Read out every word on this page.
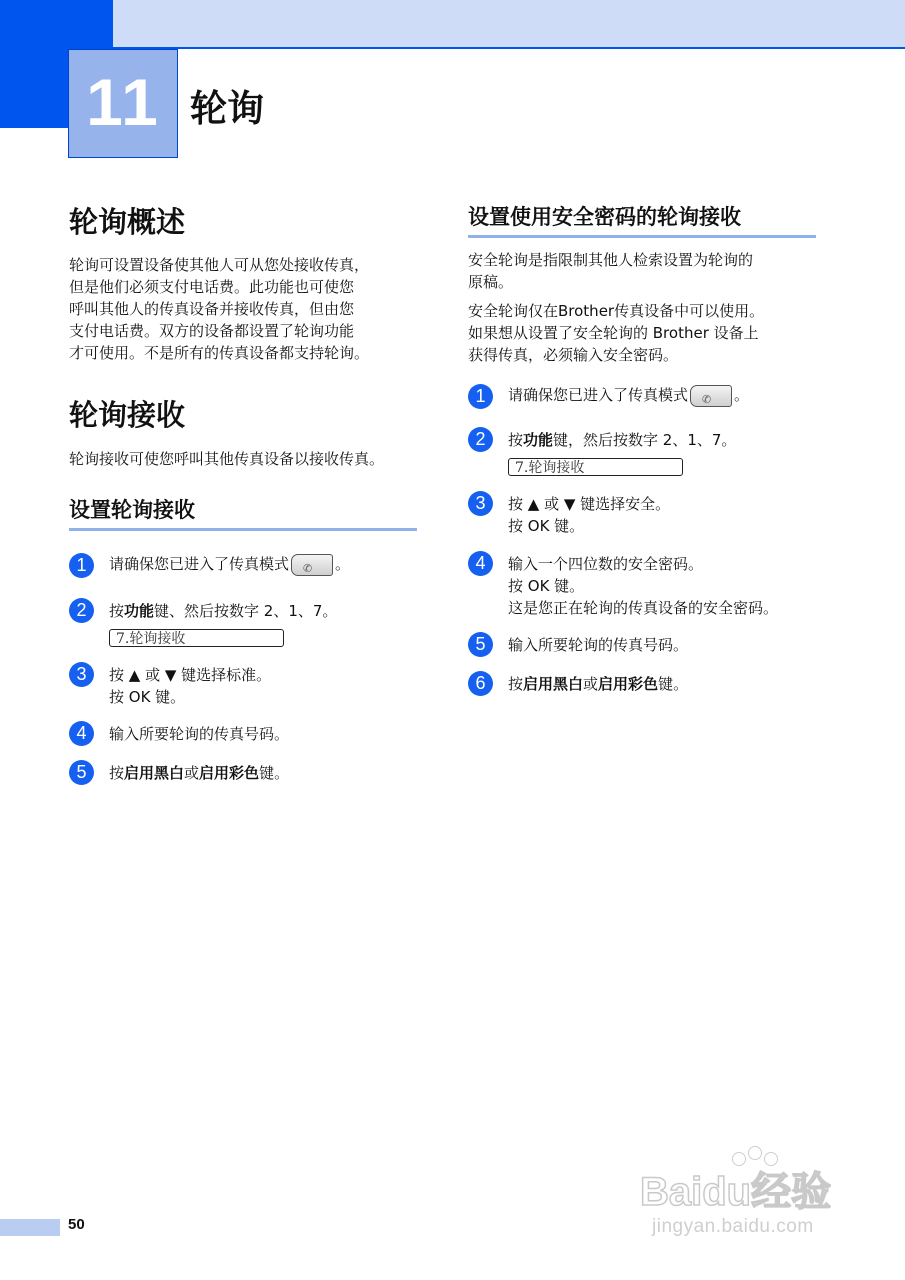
11 轮询
轮询概述
轮询可设置设备使其他人可从您处接收传真，
但是他们必须支付电话费。此功能也可使您
呼叫其他人的传真设备并接收传真，但由您
支付电话费。双方的设备都设置了轮询功能
才可使用。不是所有的传真设备都支持轮询。
轮询接收
轮询接收可使您呼叫其他传真设备以接收传真。
设置轮询接收
1	请确保您已进入了传真模式 ✆ 。
2	按功能键、然后按数字 2、1、7。
7.轮询接收
3	按 ▲ 或 ▼ 键选择标准。
按 OK 键。
4	输入所要轮询的传真号码。
5	按启用黑白或启用彩色键。
设置使用安全密码的轮询接收
安全轮询是指限制其他人检索设置为轮询的
原稿。
安全轮询仅在Brother传真设备中可以使用。
如果想从设置了安全轮询的 Brother 设备上
获得传真，必须输入安全密码。
1	请确保您已进入了传真模式 ✆ 。
2	按功能键，然后按数字 2、1、7。
7.轮询接收
3	按 ▲ 或 ▼ 键选择安全。
按 OK 键。
4	输入一个四位数的安全密码。
按 OK 键。
这是您正在轮询的传真设备的安全密码。
5	输入所要轮询的传真号码。
6	按启用黑白或启用彩色键。
50
Baidu经验
jingyan.baidu.com
